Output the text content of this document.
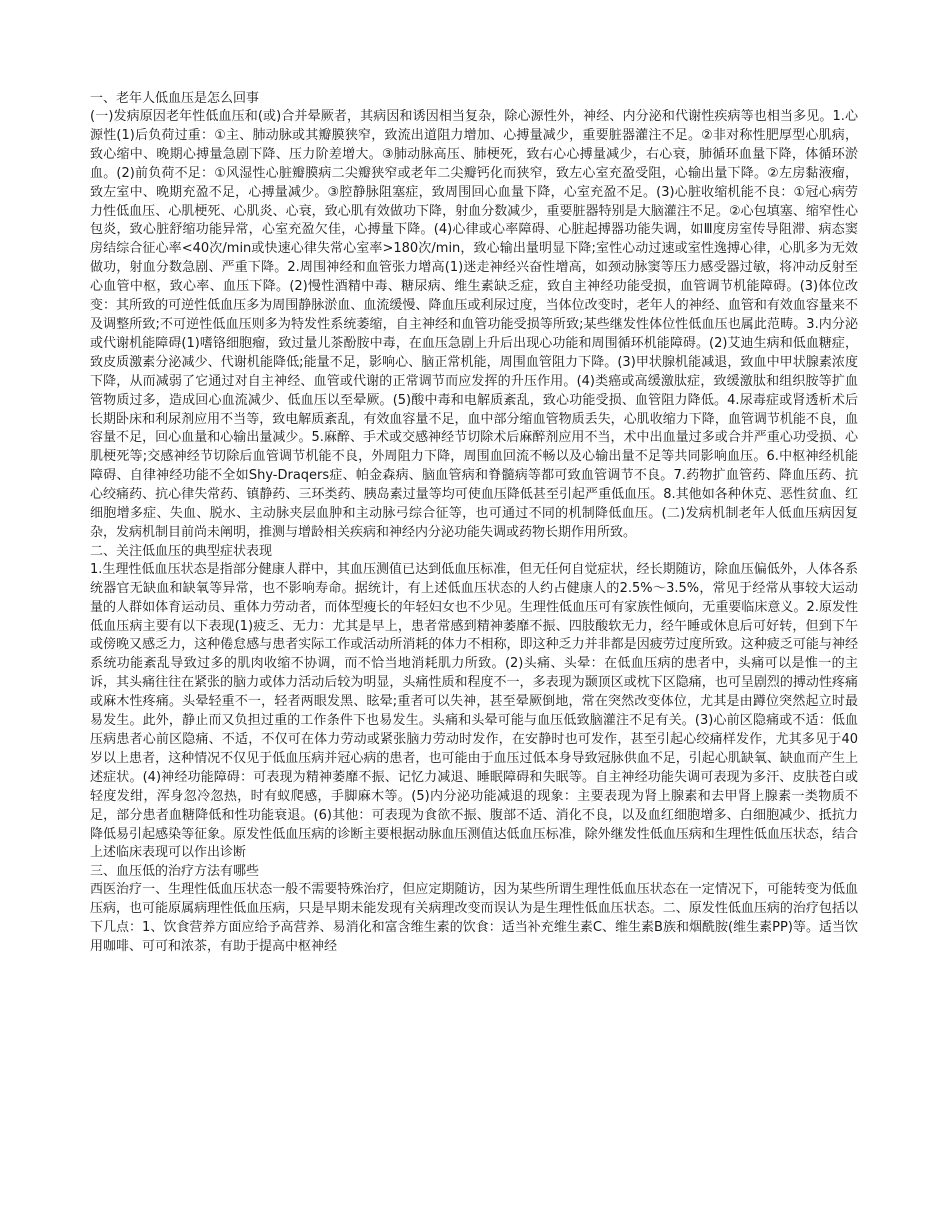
一、老年人低血压是怎么回事

(一)发病原因老年性低血压和(或)合并晕厥者，其病因和诱因相当复杂，除心源性外，神经、内分泌和代谢性疾病等也相当多见。1.心源性(1)后负荷过重：①主、肺动脉或其瓣膜狭窄，致流出道阻力增加、心搏量减少，重要脏器灌注不足。②非对称性肥厚型心肌病，致心缩中、晚期心搏量急剧下降、压力阶差增大。③肺动脉高压、肺梗死，致右心心搏量减少，右心衰，肺循环血量下降，体循环淤血。(2)前负荷不足：①风湿性心脏瓣膜病二尖瓣狭窄或老年二尖瓣钙化而狭窄，致左心室充盈受阻，心输出量下降。②左房黏液瘤，致左室中、晚期充盈不足，心搏量减少。③腔静脉阻塞症，致周围回心血量下降，心室充盈不足。(3)心脏收缩机能不良：①冠心病劳力性低血压、心肌梗死、心肌炎、心衰，致心肌有效做功下降，射血分数减少，重要脏器特别是大脑灌注不足。②心包填塞、缩窄性心包炎，致心脏舒缩功能异常，心室充盈欠佳，心搏量下降。(4)心律或心率障碍、心脏起搏器功能失调，如Ⅲ度房室传导阻滞、病态窦房结综合征心率<40次/min或快速心律失常心室率>180次/min，致心输出量明显下降;室性心动过速或室性逸搏心律，心肌多为无效做功，射血分数急剧、严重下降。2.周围神经和血管张力增高(1)迷走神经兴奋性增高，如颈动脉窦等压力感受器过敏，将冲动反射至心血管中枢，致心率、血压下降。(2)慢性酒精中毒、糖尿病、维生素缺乏症，致自主神经功能受损，血管调节机能障碍。(3)体位改变：其所致的可逆性低血压多为周围静脉淤血、血流缓慢、降血压或利尿过度，当体位改变时，老年人的神经、血管和有效血容量来不及调整所致;不可逆性低血压则多为特发性系统萎缩，自主神经和血管功能受损等所致;某些继发性体位性低血压也属此范畴。3.内分泌或代谢机能障碍(1)嗜铬细胞瘤，致过量儿茶酚胺中毒，在血压急剧上升后出现心功能和周围循环机能障碍。(2)艾迪生病和低血糖症，致皮质激素分泌减少、代谢机能降低;能量不足，影响心、脑正常机能，周围血管阻力下降。(3)甲状腺机能减退，致血中甲状腺素浓度下降，从而减弱了它通过对自主神经、血管或代谢的正常调节而应发挥的升压作用。(4)类癌或高缓激肽症，致缓激肽和组织胺等扩血管物质过多，造成回心血流减少、低血压以至晕厥。(5)酸中毒和电解质紊乱，致心功能受损、血管阻力降低。4.尿毒症或肾透析术后长期卧床和利尿剂应用不当等，致电解质紊乱，有效血容量不足，血中部分缩血管物质丢失，心肌收缩力下降，血管调节机能不良，血容量不足，回心血量和心输出量减少。5.麻醉、手术或交感神经节切除术后麻醉剂应用不当，术中出血量过多或合并严重心功受损、心肌梗死等;交感神经节切除后血管调节机能不良，外周阻力下降，周围血回流不畅以及心输出量不足等共同影响血压。6.中枢神经机能障碍、自律神经功能不全如Shy-Draqers症、帕金森病、脑血管病和脊髓病等都可致血管调节不良。7.药物扩血管药、降血压药、抗心绞痛药、抗心律失常药、镇静药、三环类药、胰岛素过量等均可使血压降低甚至引起严重低血压。8.其他如各种休克、恶性贫血、红细胞增多症、失血、脱水、主动脉夹层血肿和主动脉弓综合征等，也可通过不同的机制降低血压。(二)发病机制老年人低血压病因复杂，发病机制目前尚未阐明，推测与增龄相关疾病和神经内分泌功能失调或药物长期作用所致。

二、关注低血压的典型症状表现

1.生理性低血压状态是指部分健康人群中，其血压测值已达到低血压标准，但无任何自觉症状，经长期随访，除血压偏低外，人体各系统器官无缺血和缺氧等异常，也不影响寿命。据统计，有上述低血压状态的人约占健康人的2.5%～3.5%，常见于经常从事较大运动量的人群如体育运动员、重体力劳动者，而体型瘦长的年轻妇女也不少见。生理性低血压可有家族性倾向，无重要临床意义。2.原发性低血压病主要有以下表现(1)疲乏、无力：尤其是早上，患者常感到精神萎靡不振、四肢酸软无力，经午睡或休息后可好转，但到下午或傍晚又感乏力，这种倦怠感与患者实际工作或活动所消耗的体力不相称，即这种乏力并非都是因疲劳过度所致。这种疲乏可能与神经系统功能紊乱导致过多的肌肉收缩不协调，而不恰当地消耗肌力所致。(2)头痛、头晕：在低血压病的患者中，头痛可以是惟一的主诉，其头痛往往在紧张的脑力或体力活动后较为明显，头痛性质和程度不一，多表现为颞顶区或枕下区隐痛，也可呈剧烈的搏动性疼痛或麻木性疼痛。头晕轻重不一，轻者两眼发黑、眩晕;重者可以失神，甚至晕厥倒地，常在突然改变体位，尤其是由蹲位突然起立时最易发生。此外，静止而又负担过重的工作条件下也易发生。头痛和头晕可能与血压低致脑灌注不足有关。(3)心前区隐痛或不适：低血压病患者心前区隐痛、不适，不仅可在体力劳动或紧张脑力劳动时发作，在安静时也可发作，甚至引起心绞痛样发作，尤其多见于40岁以上患者，这种情况不仅见于低血压病并冠心病的患者，也可能由于血压过低本身导致冠脉供血不足，引起心肌缺氧、缺血而产生上述症状。(4)神经功能障碍：可表现为精神萎靡不振、记忆力减退、睡眠障碍和失眠等。自主神经功能失调可表现为多汗、皮肤苍白或轻度发绀，浑身忽冷忽热，时有蚁爬感，手脚麻木等。(5)内分泌功能减退的现象：主要表现为肾上腺素和去甲肾上腺素一类物质不足，部分患者血糖降低和性功能衰退。(6)其他：可表现为食欲不振、腹部不适、消化不良，以及血红细胞增多、白细胞减少、抵抗力降低易引起感染等征象。原发性低血压病的诊断主要根据动脉血压测值达低血压标准，除外继发性低血压病和生理性低血压状态，结合上述临床表现可以作出诊断

三、血压低的治疗方法有哪些

西医治疗一、生理性低血压状态一般不需要特殊治疗，但应定期随访，因为某些所谓生理性低血压状态在一定情况下，可能转变为低血压病，也可能原属病理性低血压病，只是早期未能发现有关病理改变而误认为是生理性低血压状态。二、原发性低血压病的治疗包括以下几点：1、饮食营养方面应给予高营养、易消化和富含维生素的饮食：适当补充维生素C、维生素B族和烟酰胺(维生素PP)等。适当饮用咖啡、可可和浓茶，有助于提高中枢神经
